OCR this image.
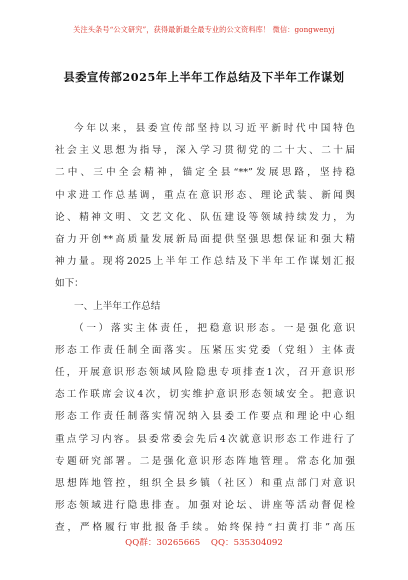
关注头条号“公文研究”，获得最新最全最专业的公文资料库！ 微信：gongwenyj
县委宣传部2025年上半年工作总结及下半年工作谋划
今年以来，县委宣传部坚持以习近平新时代中国特色
社会主义思想为指导，深入学习贯彻党的二十大、二十届
二中、三中全会精神，锚定全县“**”发展思路，坚持稳
中求进工作总基调，重点在意识形态、理论武装、新闻舆
论、精神文明、文艺文化、队伍建设等领域持续发力，为
奋力开创**高质量发展新局面提供坚强思想保证和强大精
神力量。现将2025上半年工作总结及下半年工作谋划汇报
如下：
一、上半年工作总结
（一）落实主体责任，把稳意识形态。一是强化意识
形态工作责任制全面落实。压紧压实党委（党组）主体责
任，开展意识形态领域风险隐患专项排查1次，召开意识形
态工作联席会议4次，切实维护意识形态领域安全。把意识
形态工作责任制落实情况纳入县委工作要点和理论中心组
重点学习内容。县委常委会先后4次就意识形态工作进行了
专题研究部署。二是强化意识形态阵地管理。常态化加强
思想阵地管控，组织全县乡镇（社区）和重点部门对意识
形态领域进行隐患排查。加强对论坛、讲座等活动督促检
查，严格履行审批报备手续。始终保持“扫黄打非”高压
QQ群：30265665 QQ：535304092
